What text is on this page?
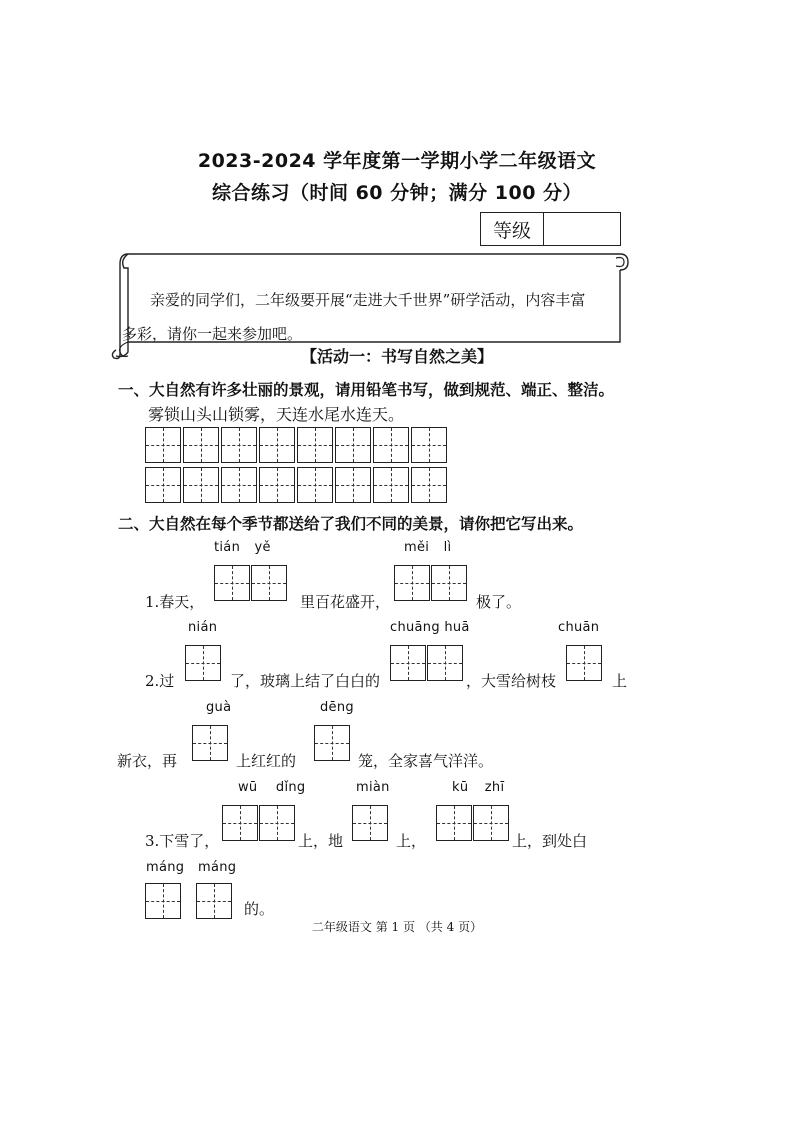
2023-2024 学年度第一学期小学二年级语文
综合练习（时间 60 分钟；满分 100 分）
等级
亲爱的同学们，二年级要开展“走进大千世界”研学活动，内容丰富
多彩，请你一起来参加吧。
【活动一：书写自然之美】
一、大自然有许多壮丽的景观，请用铅笔书写，做到规范、端正、整洁。
雾锁山头山锁雾，天连水尾水连天。
二、大自然在每个季节都送给了我们不同的美景，请你把它写出来。
tián yě	měi lì
1.春天，	里百花盛开，	极了。
nián	chuāng huā	chuān
2.过	了，玻璃上结了白白的	，大雪给树枝	上
guà	dēng
新衣，再	上红红的	笼，全家喜气洋洋。
wū dǐng	miàn	kū zhī
3.下雪了，	上，地	上，	上，到处白
máng máng
的。
二年级语文 第 1 页 （共 4 页）
